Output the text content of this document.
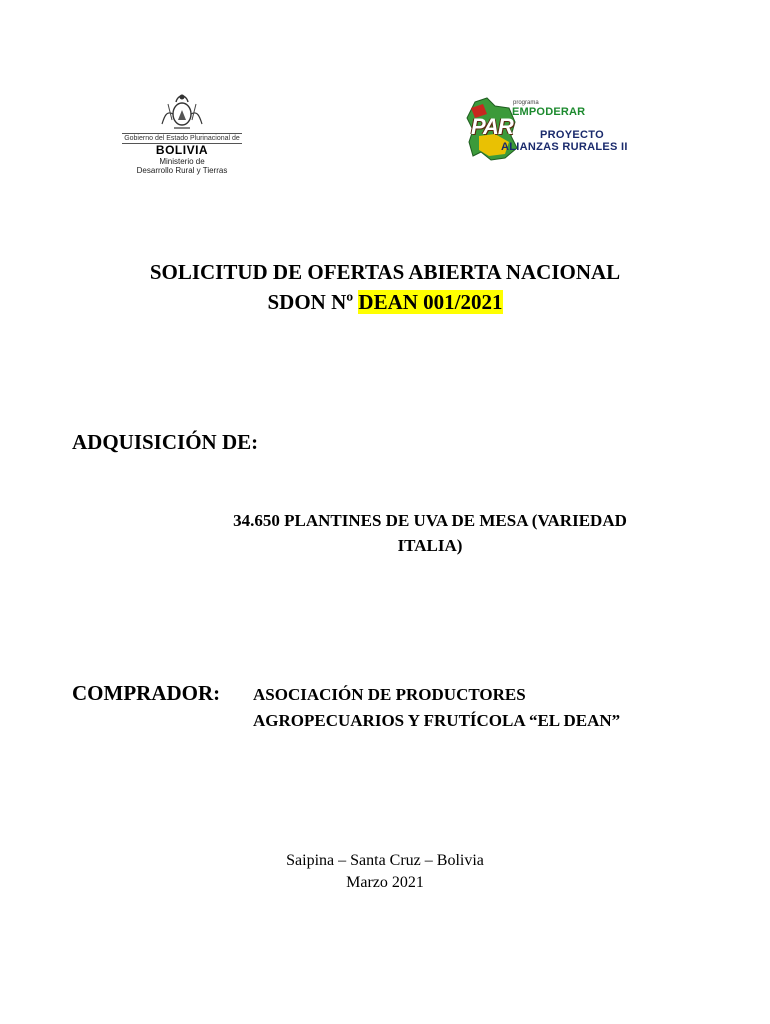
Gobierno del Estado Plurinacional de
BOLIVIA
Ministerio de
Desarrollo Rural y Tierras
PAR
programa
EMPODERAR
PROYECTO
ALIANZAS RURALES II
SOLICITUD DE OFERTAS ABIERTA NACIONAL
SDON Nº DEAN 001/2021
ADQUISICIÓN DE:
34.650 PLANTINES DE UVA DE MESA (VARIEDAD
ITALIA)
COMPRADOR: ASOCIACIÓN DE PRODUCTORES
AGROPECUARIOS Y FRUTÍCOLA “EL DEAN”
Saipina – Santa Cruz – Bolivia
Marzo 2021
